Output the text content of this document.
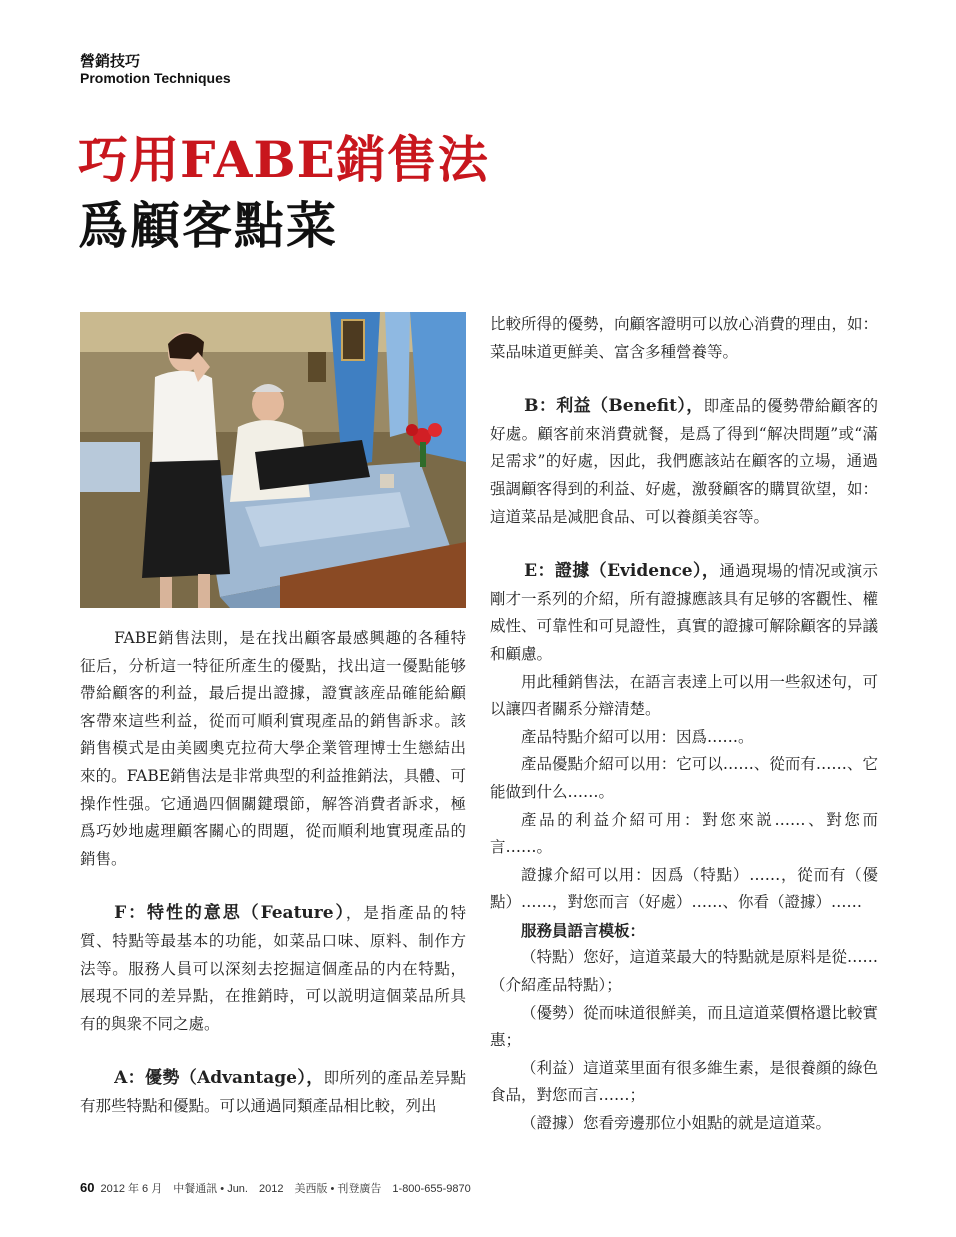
營銷技巧
Promotion Techniques
巧用FABE銷售法
爲顧客點菜

FABE銷售法則，是在找出顧客最感興趣的各種特征后，分析這一特征所產生的優點，找出這一優點能够帶給顧客的利益，最后提出證據，證實該産品確能給顧客帶來這些利益，從而可順利實現產品的銷售訴求。該銷售模式是由美國奧克拉荷大學企業管理博士生戀結出來的。FABE銷售法是非常典型的利益推銷法，具體、可操作性强。它通過四個關鍵環節，解答消費者訴求，極爲巧妙地處理顧客關心的問題，從而順利地實現產品的銷售。

F：特性的意思（Feature），是指產品的特質、特點等最基本的功能，如菜品口味、原料、制作方法等。服務人員可以深刻去挖掘這個產品的内在特點，展現不同的差异點，在推銷時，可以説明這個菜品所具有的與衆不同之處。

A：優勢（Advantage），即所列的產品差异點有那些特點和優點。可以通過同類產品相比較，列出

比較所得的優勢，向顧客證明可以放心消費的理由，如：菜品味道更鮮美、富含多種營養等。

B：利益（Benefit），即產品的優勢帶給顧客的好處。顧客前來消費就餐，是爲了得到“解决問題”或“滿足需求”的好處，因此，我們應該站在顧客的立場，通過强調顧客得到的利益、好處，激發顧客的購買欲望，如：這道菜品是减肥食品、可以養顔美容等。

E：證據（Evidence），通過現場的情况或演示剛才一系列的介紹，所有證據應該具有足够的客觀性、權威性、可靠性和可見證性，真實的證據可解除顧客的异議和顧慮。

用此種銷售法，在語言表達上可以用一些叙述句，可以讓四者關系分辯清楚。

產品特點介紹可以用：因爲……。

產品優點介紹可以用：它可以……、從而有……、它能做到什么……。

產品的利益介紹可用：對您來説……、對您而言……。

證據介紹可以用：因爲（特點）……，從而有（優點）……，對您而言（好處）……、你看（證據）……

服務員語言模板：

（特點）您好，這道菜最大的特點就是原料是從……（介紹產品特點）；

（優勢）從而味道很鮮美，而且這道菜價格還比較實惠；

（利益）這道菜里面有很多維生素，是很養顔的綠色食品，對您而言……；

（證據）您看旁邊那位小姐點的就是這道菜。

60 2012 年 6 月　中餐通訊 • Jun.　2012　美西版 • 刊登廣告　1-800-655-9870
